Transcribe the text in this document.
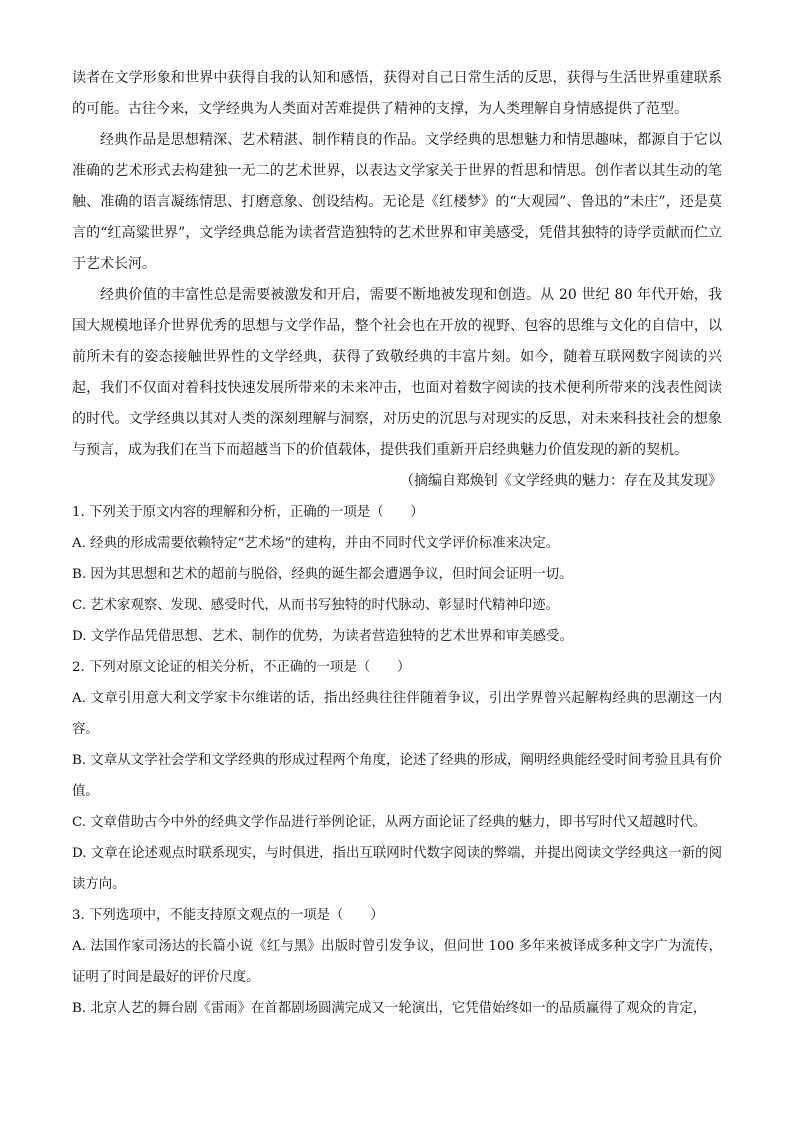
读者在文学形象和世界中获得自我的认知和感悟，获得对自己日常生活的反思，获得与生活世界重建联系的可能。古往今来，文学经典为人类面对苦难提供了精神的支撑，为人类理解自身情感提供了范型。

经典作品是思想精深、艺术精湛、制作精良的作品。文学经典的思想魅力和情思趣味，都源自于它以准确的艺术形式去构建独一无二的艺术世界，以表达文学家关于世界的哲思和情思。创作者以其生动的笔触、准确的语言凝练情思、打磨意象、创设结构。无论是《红楼梦》的“大观园”、鲁迅的“未庄”，还是莫言的“红高粱世界”，文学经典总能为读者营造独特的艺术世界和审美感受，凭借其独特的诗学贡献而伫立于艺术长河。

经典价值的丰富性总是需要被激发和开启，需要不断地被发现和创造。从 20 世纪 80 年代开始，我国大规模地译介世界优秀的思想与文学作品，整个社会也在开放的视野、包容的思维与文化的自信中，以前所未有的姿态接触世界性的文学经典，获得了致敬经典的丰富片刻。如今，随着互联网数字阅读的兴起，我们不仅面对着科技快速发展所带来的未来冲击，也面对着数字阅读的技术便利所带来的浅表性阅读的时代。文学经典以其对人类的深刻理解与洞察，对历史的沉思与对现实的反思，对未来科技社会的想象与预言，成为我们在当下而超越当下的价值载体，提供我们重新开启经典魅力价值发现的新的契机。

（摘编自郑焕钊《文学经典的魅力：存在及其发现》

1. 下列关于原文内容的理解和分析，正确的一项是（　　）

A. 经典的形成需要依赖特定“艺术场”的建构，并由不同时代文学评价标准来决定。

B. 因为其思想和艺术的超前与脱俗，经典的诞生都会遭遇争议，但时间会证明一切。

C. 艺术家观察、发现、感受时代，从而书写独特的时代脉动、彰显时代精神印迹。

D. 文学作品凭借思想、艺术、制作的优势，为读者营造独特的艺术世界和审美感受。

2. 下列对原文论证的相关分析，不正确的一项是（　　）

A. 文章引用意大利文学家卡尔维诺的话，指出经典往往伴随着争议，引出学界曾兴起解构经典的思潮这一内容。

B. 文章从文学社会学和文学经典的形成过程两个角度，论述了经典的形成，阐明经典能经受时间考验且具有价值。

C. 文章借助古今中外的经典文学作品进行举例论证，从两方面论证了经典的魅力，即书写时代又超越时代。

D. 文章在论述观点时联系现实，与时俱进，指出互联网时代数字阅读的弊端，并提出阅读文学经典这一新的阅读方向。

3. 下列选项中，不能支持原文观点的一项是（　　）

A. 法国作家司汤达的长篇小说《红与黑》出版时曾引发争议，但问世 100 多年来被译成多种文字广为流传，证明了时间是最好的评价尺度。

B. 北京人艺的舞台剧《雷雨》在首都剧场圆满完成又一轮演出，它凭借始终如一的品质赢得了观众的肯定，
